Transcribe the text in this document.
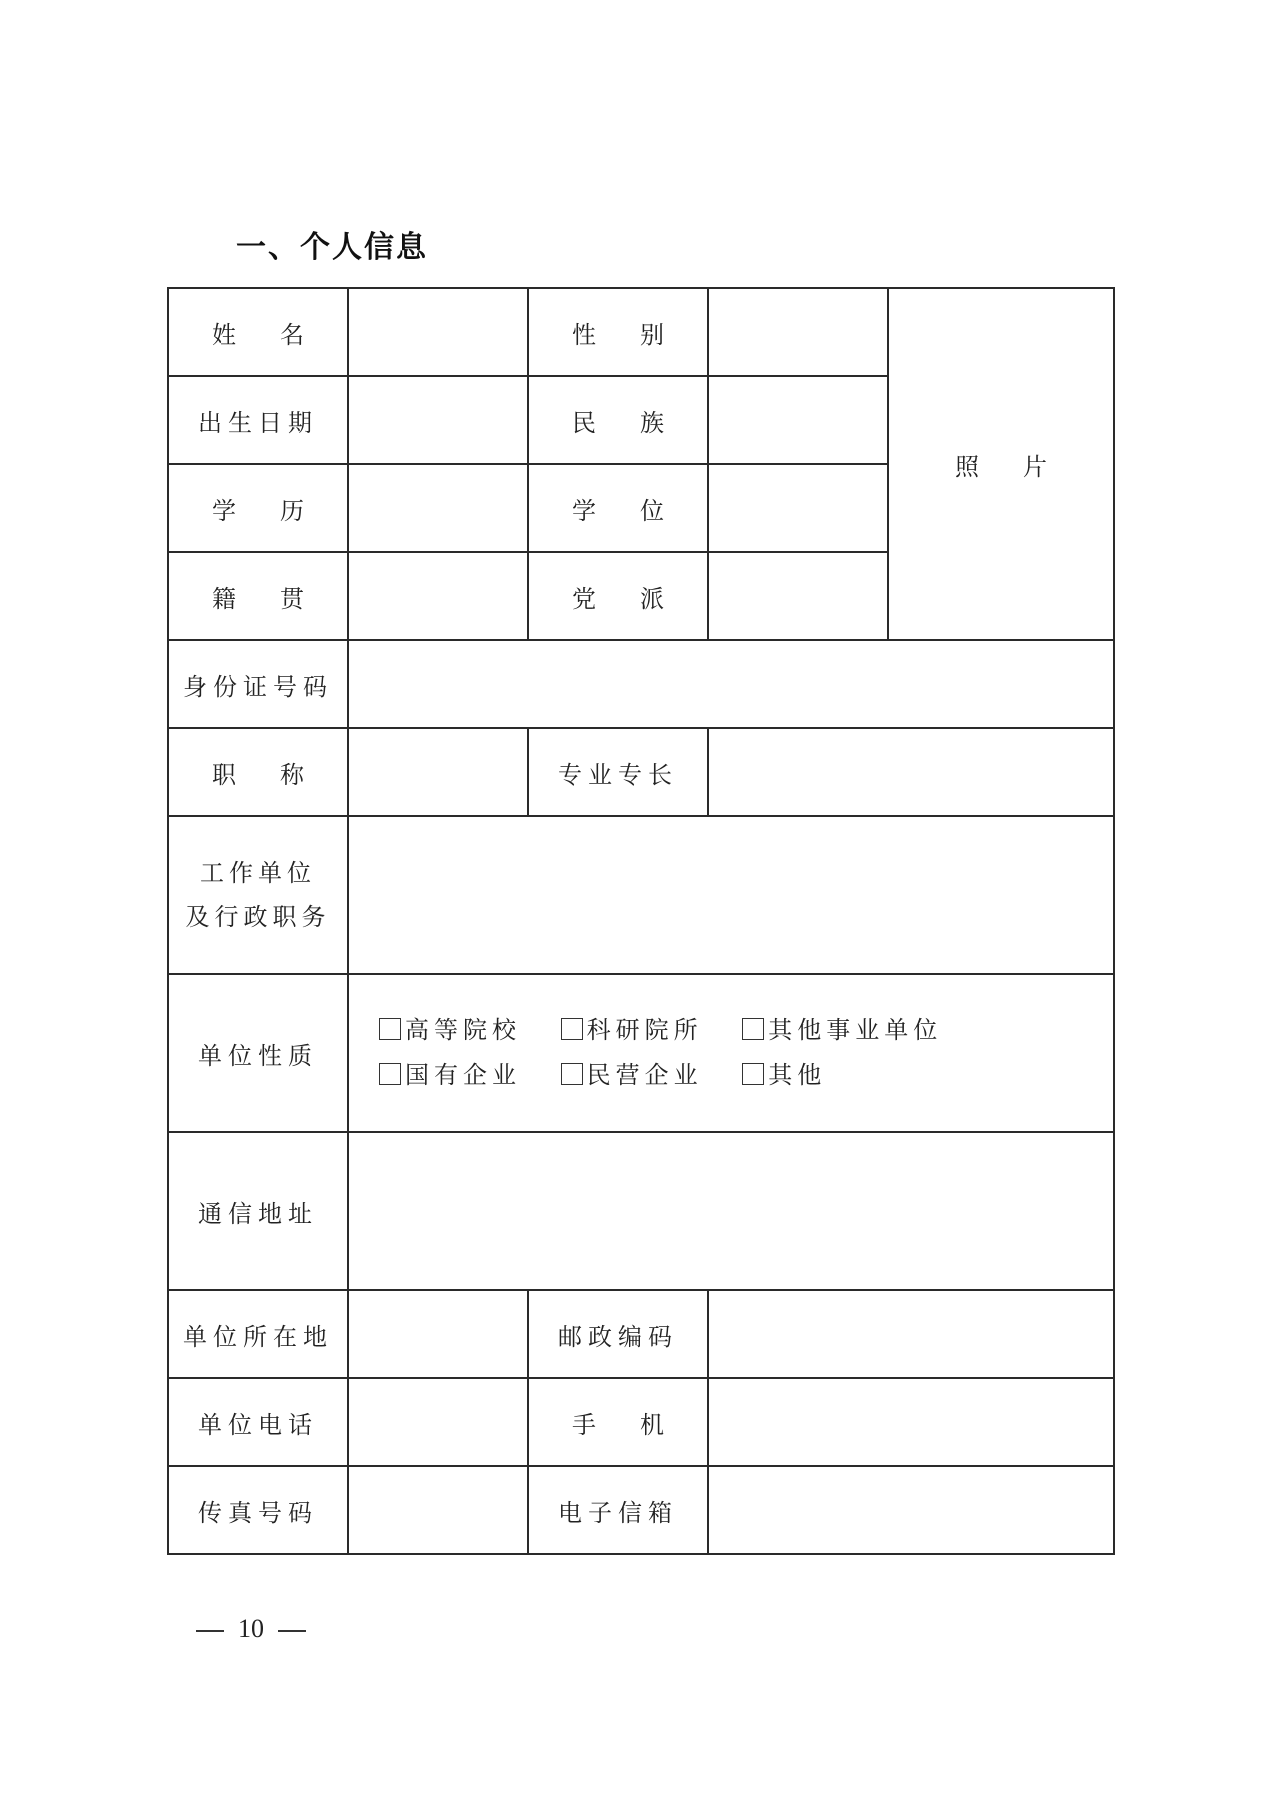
一、个人信息
姓 名		性 别		照 片
出生日期		民 族		
学 历		学 位		
籍 贯		党 派		
身份证号码				
职 称		专业专长		

工作单位
及行政职务				

单位性质	高等院校 科研院所 其他事业单位
国有企业 民营企业 其他			

通信地址				
单位所在地		邮政编码		
单位电话		手 机		
传真号码		电子信箱		
10
